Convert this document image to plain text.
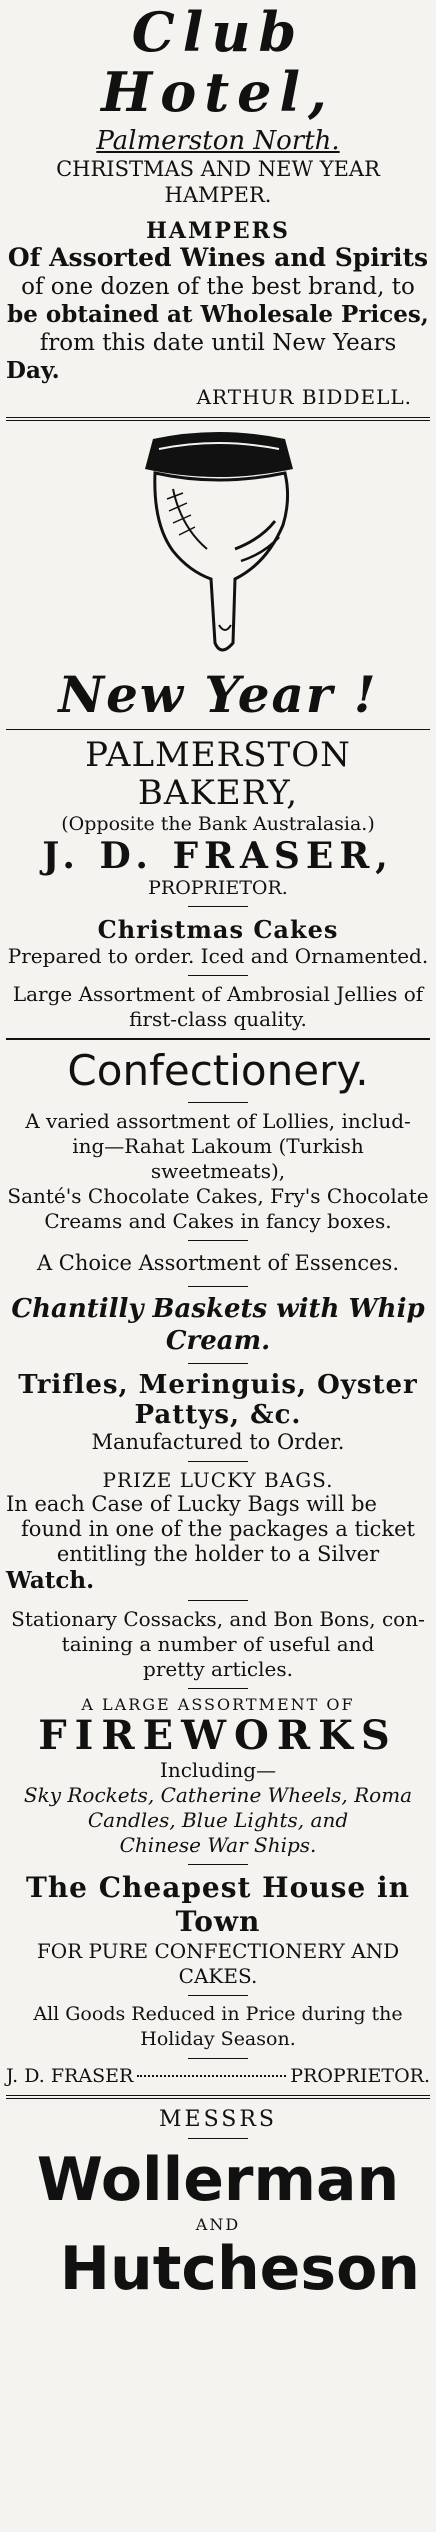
Club Hotel,
Palmerston North.
CHRISTMAS AND NEW YEAR
HAMPER.
HAMPERS
Of Assorted Wines and Spirits
of one dozen of the best brand, to
be obtained at Wholesale Prices,
from this date until New Years
Day.
ARTHUR BIDDELL.
New Year !
PALMERSTON BAKERY,
(Opposite the Bank Australasia.)
J. D. FRASER,
PROPRIETOR.
Christmas Cakes
Prepared to order. Iced and Ornamented.
Large Assortment of Ambrosial Jellies of
first-class quality.
Confectionery.
A varied assortment of Lollies, includ-
ing—Rahat Lakoum (Turkish sweetmeats),
Santé's Chocolate Cakes, Fry's Chocolate
Creams and Cakes in fancy boxes.
A Choice Assortment of Essences.
Chantilly Baskets with Whip
Cream.
Trifles, Meringuis, Oyster
Pattys, &c.
Manufactured to Order.
PRIZE LUCKY BAGS.
In each Case of Lucky Bags will be
found in one of the packages a ticket
entitling the holder to a Silver
Watch.
Stationary Cossacks, and Bon Bons, con-
taining a number of useful and
pretty articles.
A LARGE ASSORTMENT OF
FIREWORKS
Including—
Sky Rockets, Catherine Wheels, Roma
Candles, Blue Lights, and
Chinese War Ships.
The Cheapest House in
Town
FOR PURE CONFECTIONERY AND
CAKES.
All Goods Reduced in Price during the
Holiday Season.
J. D. FRASER	PROPRIETOR.
MESSRS
Wollerman
AND
Hutcheson
